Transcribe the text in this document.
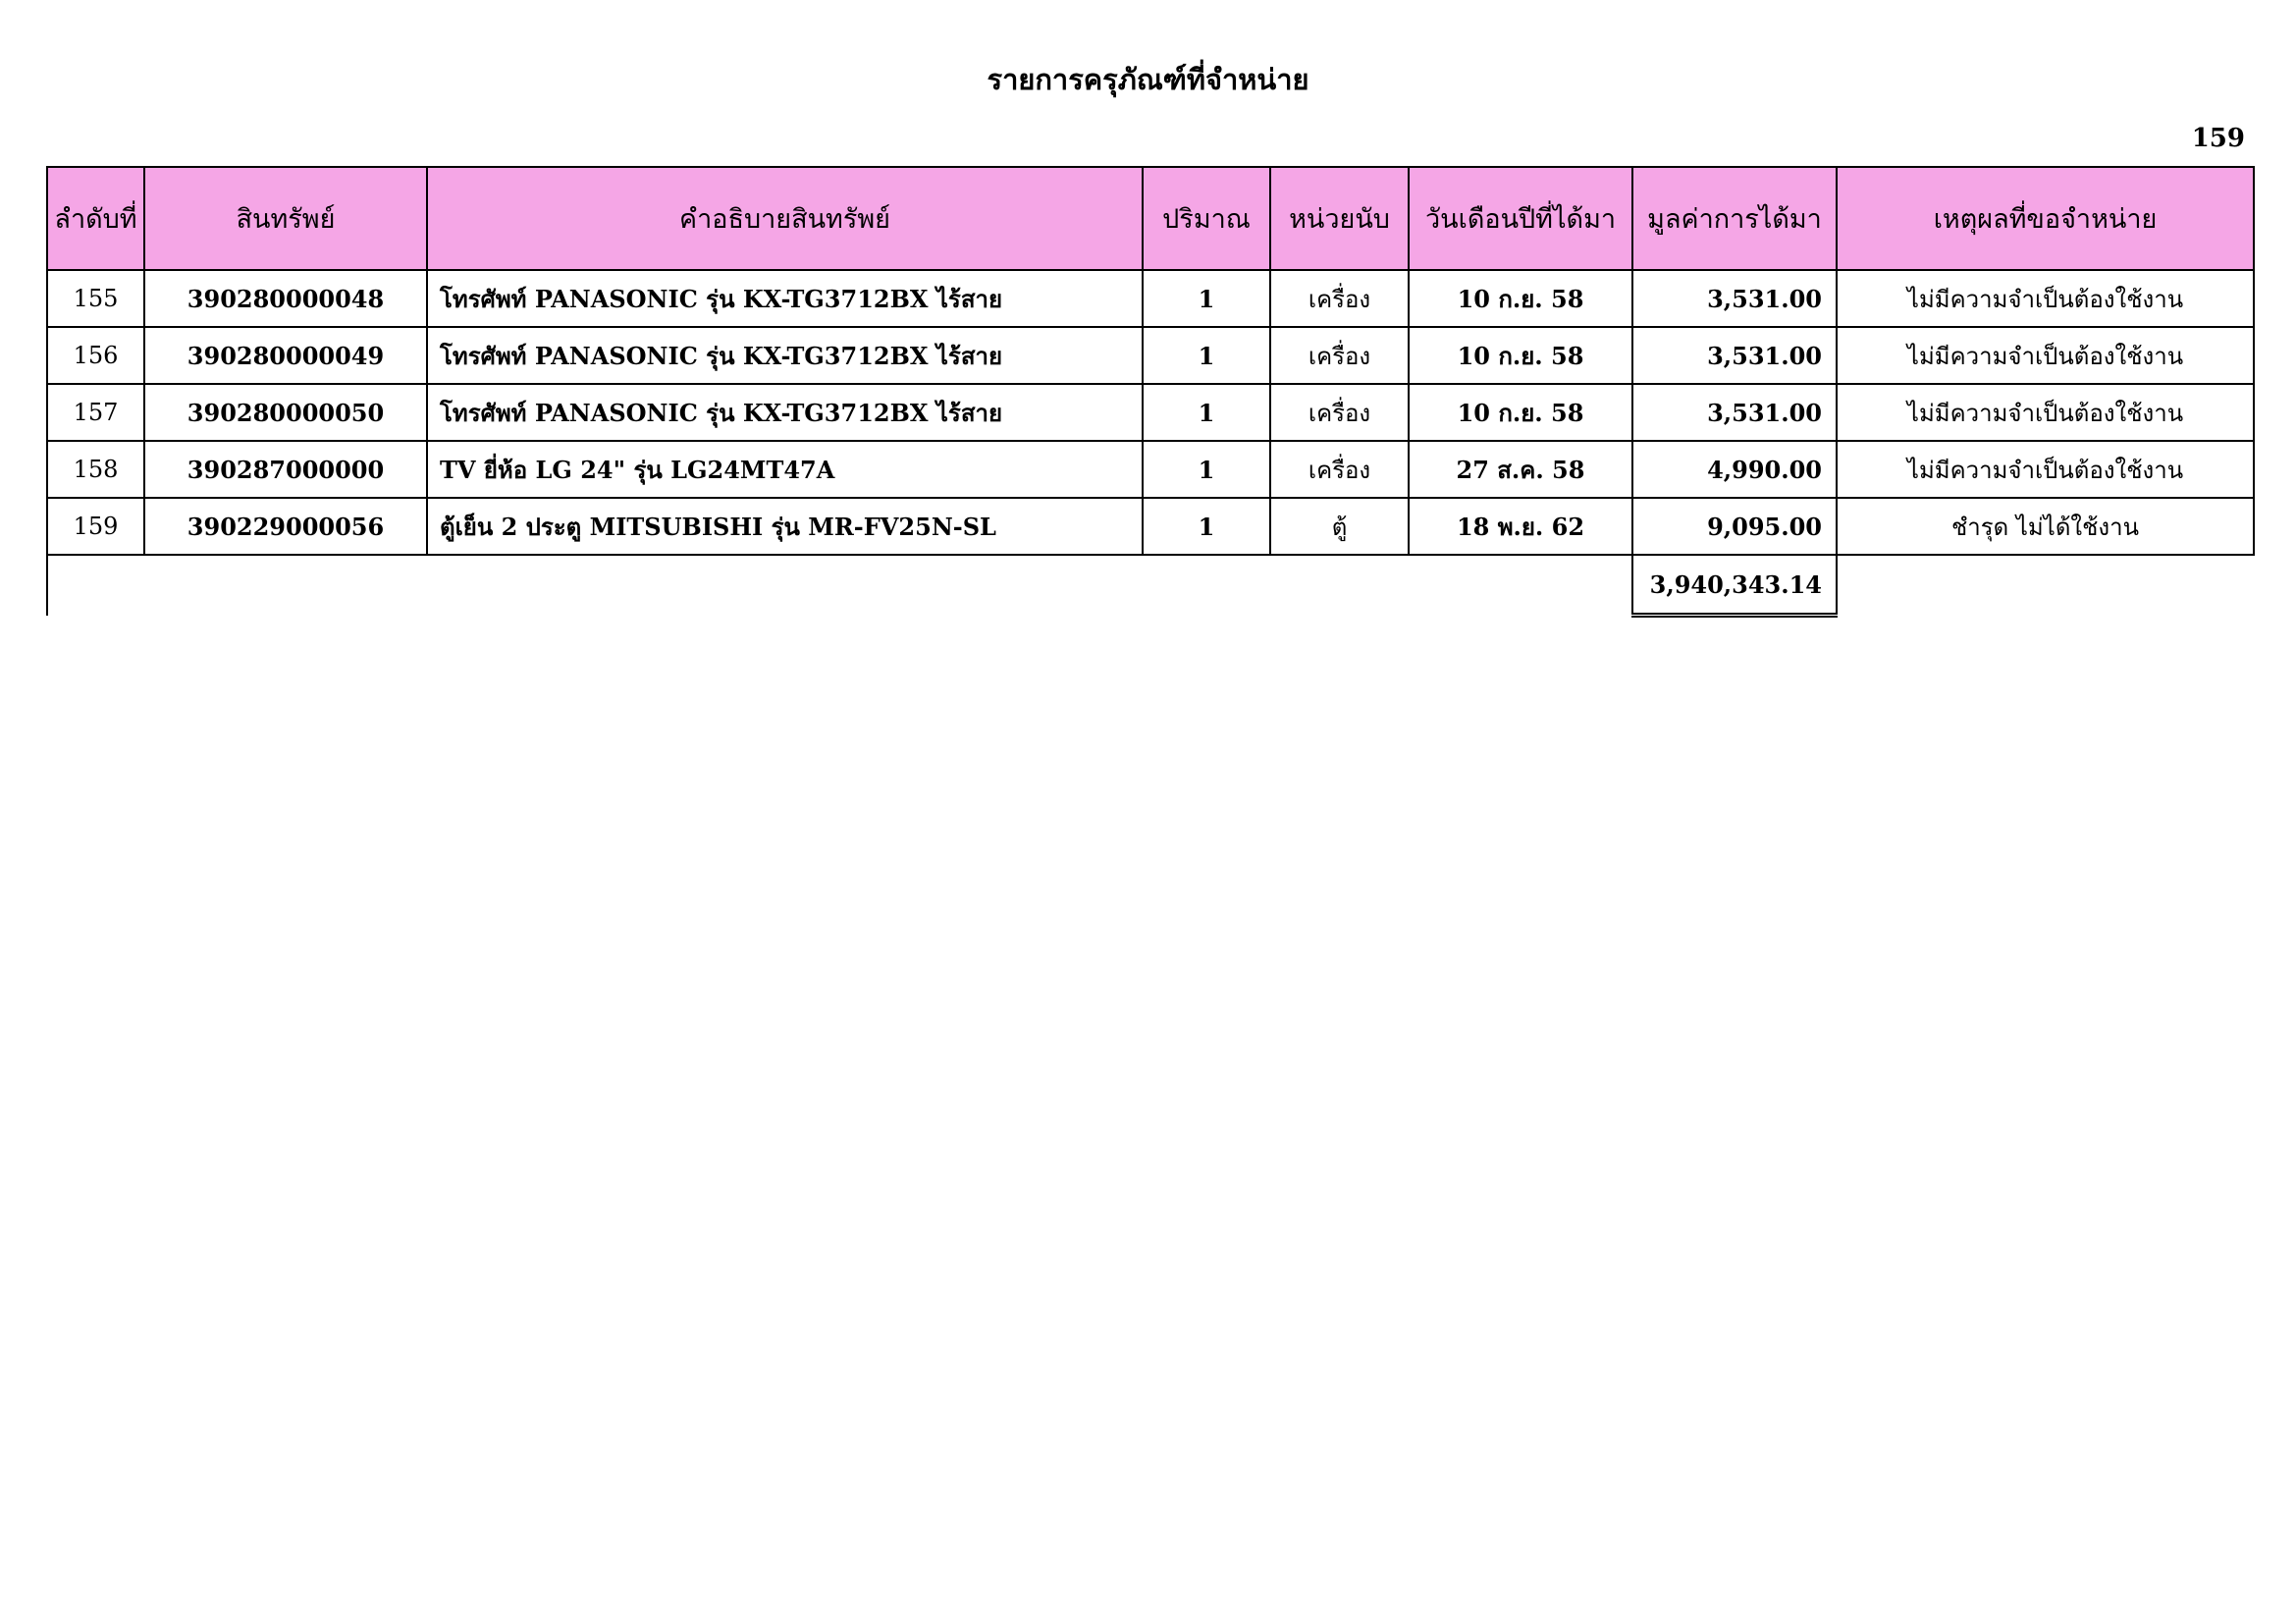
รายการครุภัณฑ์ที่จำหน่าย
159
ลำดับที่	สินทรัพย์	คำอธิบายสินทรัพย์	ปริมาณ	หน่วยนับ	วันเดือนปีที่ได้มา	มูลค่าการได้มา	เหตุผลที่ขอจำหน่าย
155	390280000048	โทรศัพท์ PANASONIC รุ่น KX-TG3712BX ไร้สาย	1	เครื่อง	10 ก.ย. 58	3,531.00	ไม่มีความจำเป็นต้องใช้งาน
156	390280000049	โทรศัพท์ PANASONIC รุ่น KX-TG3712BX ไร้สาย	1	เครื่อง	10 ก.ย. 58	3,531.00	ไม่มีความจำเป็นต้องใช้งาน
157	390280000050	โทรศัพท์ PANASONIC รุ่น KX-TG3712BX ไร้สาย	1	เครื่อง	10 ก.ย. 58	3,531.00	ไม่มีความจำเป็นต้องใช้งาน
158	390287000000	TV ยี่ห้อ LG 24" รุ่น LG24MT47A	1	เครื่อง	27 ส.ค. 58	4,990.00	ไม่มีความจำเป็นต้องใช้งาน
159	390229000056	ตู้เย็น 2 ประตู MITSUBISHI รุ่น MR-FV25N-SL	1	ตู้	18 พ.ย. 62	9,095.00	ชำรุด ไม่ได้ใช้งาน
						3,940,343.14	
